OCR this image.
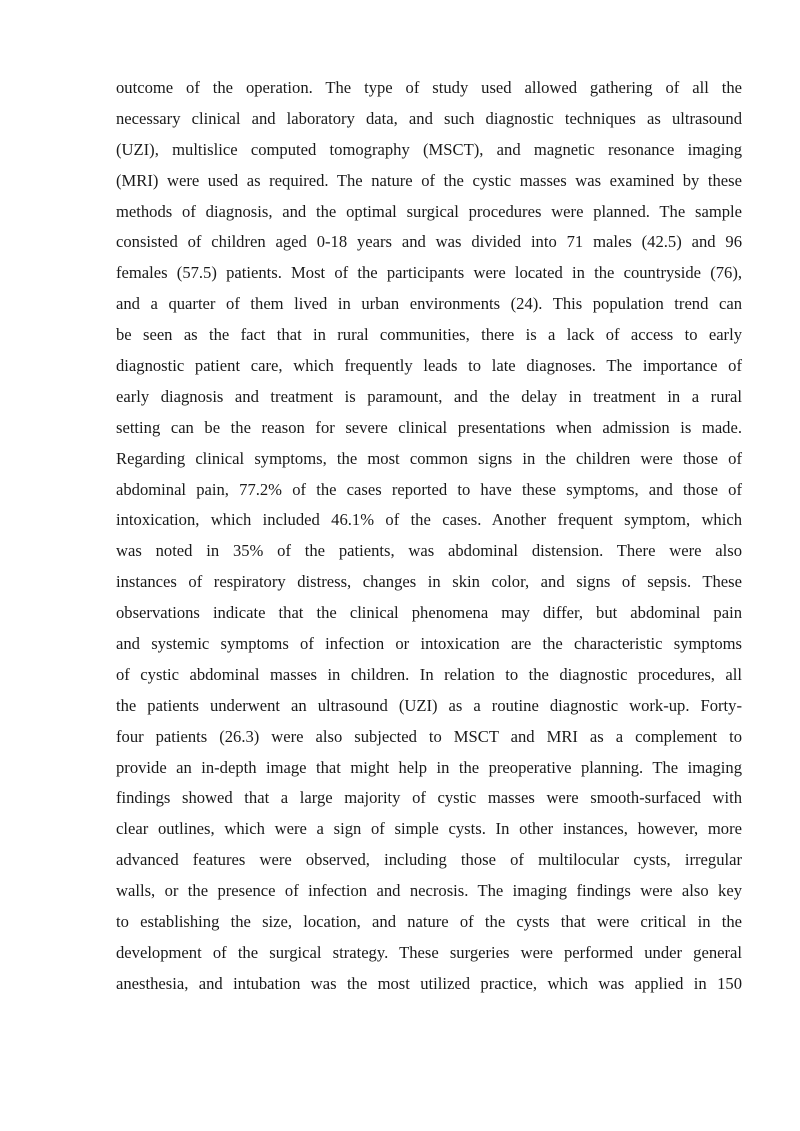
outcome of the operation. The type of study used allowed gathering of all the
necessary clinical and laboratory data, and such diagnostic techniques as ultrasound
(UZI), multislice computed tomography (MSCT), and magnetic resonance imaging
(MRI) were used as required. The nature of the cystic masses was examined by these
methods of diagnosis, and the optimal surgical procedures were planned. The sample
consisted of children aged 0-18 years and was divided into 71 males (42.5) and 96
females (57.5) patients. Most of the participants were located in the countryside (76),
and a quarter of them lived in urban environments (24). This population trend can
be seen as the fact that in rural communities, there is a lack of access to early
diagnostic patient care, which frequently leads to late diagnoses. The importance of
early diagnosis and treatment is paramount, and the delay in treatment in a rural
setting can be the reason for severe clinical presentations when admission is made.
Regarding clinical symptoms, the most common signs in the children were those of
abdominal pain, 77.2% of the cases reported to have these symptoms, and those of
intoxication, which included 46.1% of the cases. Another frequent symptom, which
was noted in 35% of the patients, was abdominal distension. There were also
instances of respiratory distress, changes in skin color, and signs of sepsis. These
observations indicate that the clinical phenomena may differ, but abdominal pain
and systemic symptoms of infection or intoxication are the characteristic symptoms
of cystic abdominal masses in children. In relation to the diagnostic procedures, all
the patients underwent an ultrasound (UZI) as a routine diagnostic work-up. Forty-
four patients (26.3) were also subjected to MSCT and MRI as a complement to
provide an in-depth image that might help in the preoperative planning. The imaging
findings showed that a large majority of cystic masses were smooth-surfaced with
clear outlines, which were a sign of simple cysts. In other instances, however, more
advanced features were observed, including those of multilocular cysts, irregular
walls, or the presence of infection and necrosis. The imaging findings were also key
to establishing the size, location, and nature of the cysts that were critical in the
development of the surgical strategy. These surgeries were performed under general
anesthesia, and intubation was the most utilized practice, which was applied in 150
